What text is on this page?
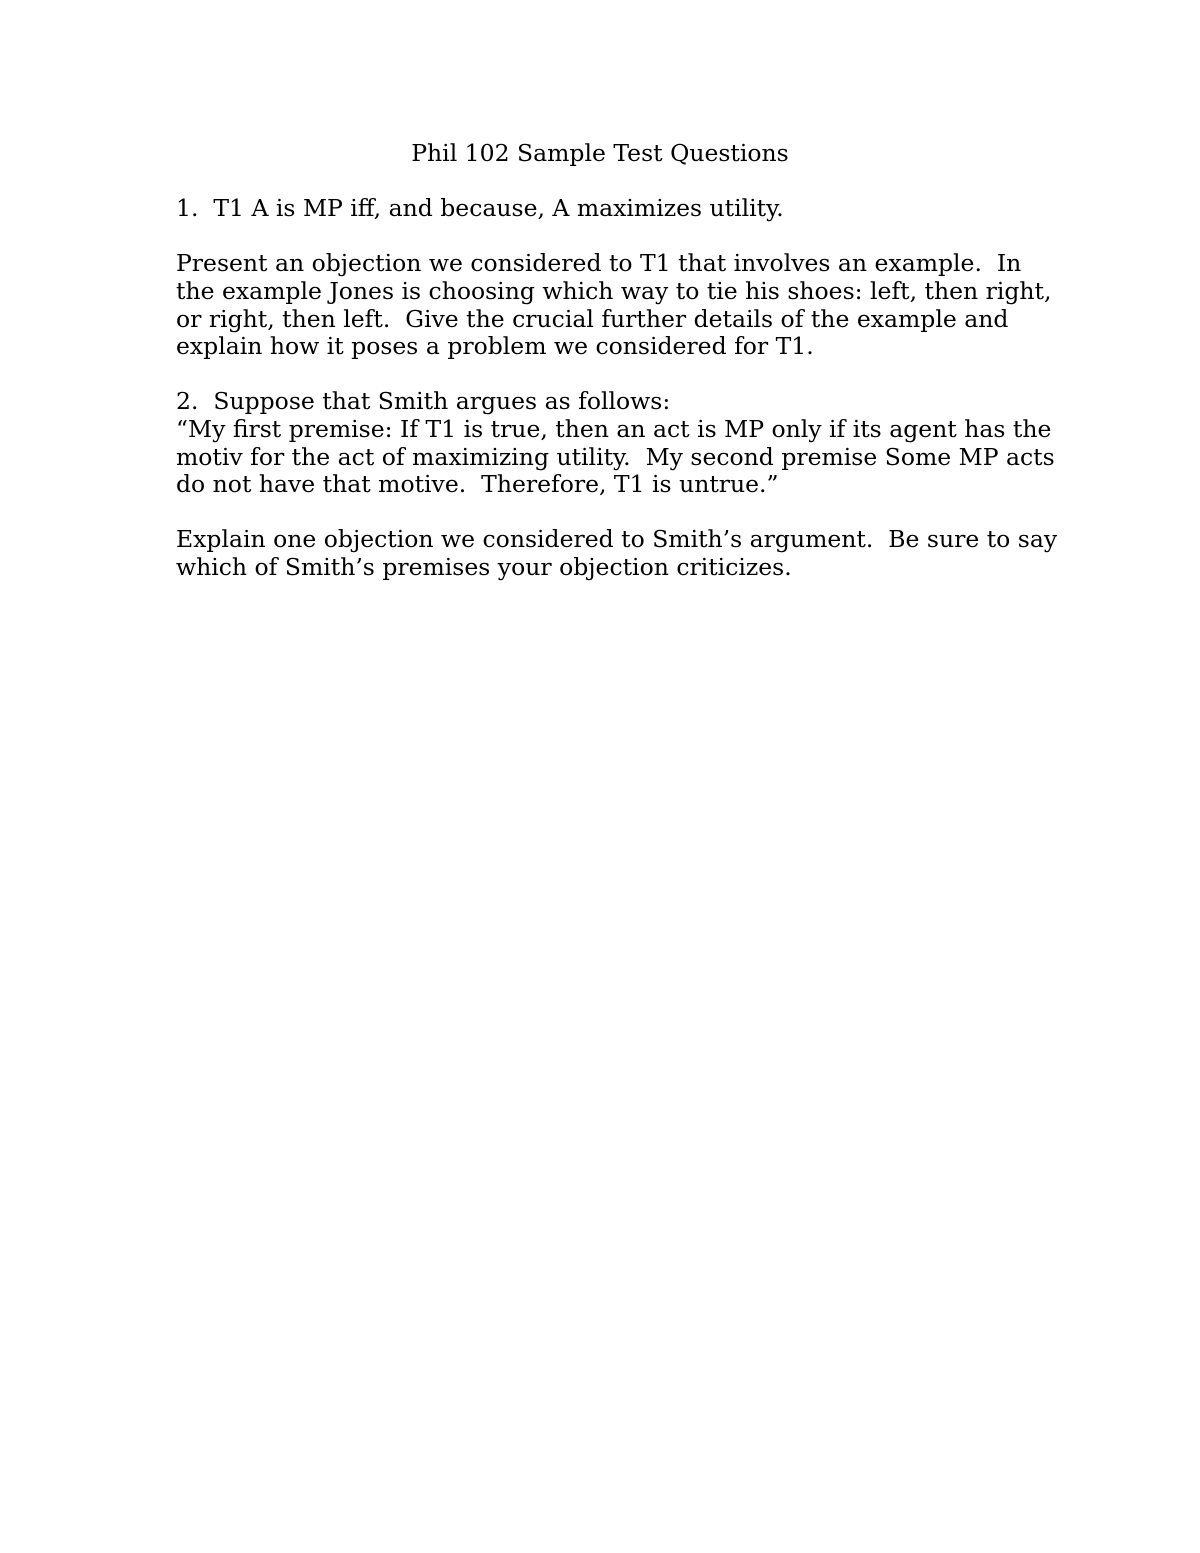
Phil 102 Sample Test Questions
1.  T1 A is MP iff, and because, A maximizes utility.
Present an objection we considered to T1 that involves an example.  In
the example Jones is choosing which way to tie his shoes: left, then right,
or right, then left.  Give the crucial further details of the example and
explain how it poses a problem we considered for T1.
2.  Suppose that Smith argues as follows:
“My first premise: If T1 is true, then an act is MP only if its agent has the
motiv for the act of maximizing utility.  My second premise Some MP acts
do not have that motive.  Therefore, T1 is untrue.”
Explain one objection we considered to Smith’s argument.  Be sure to say
which of Smith’s premises your objection criticizes.
